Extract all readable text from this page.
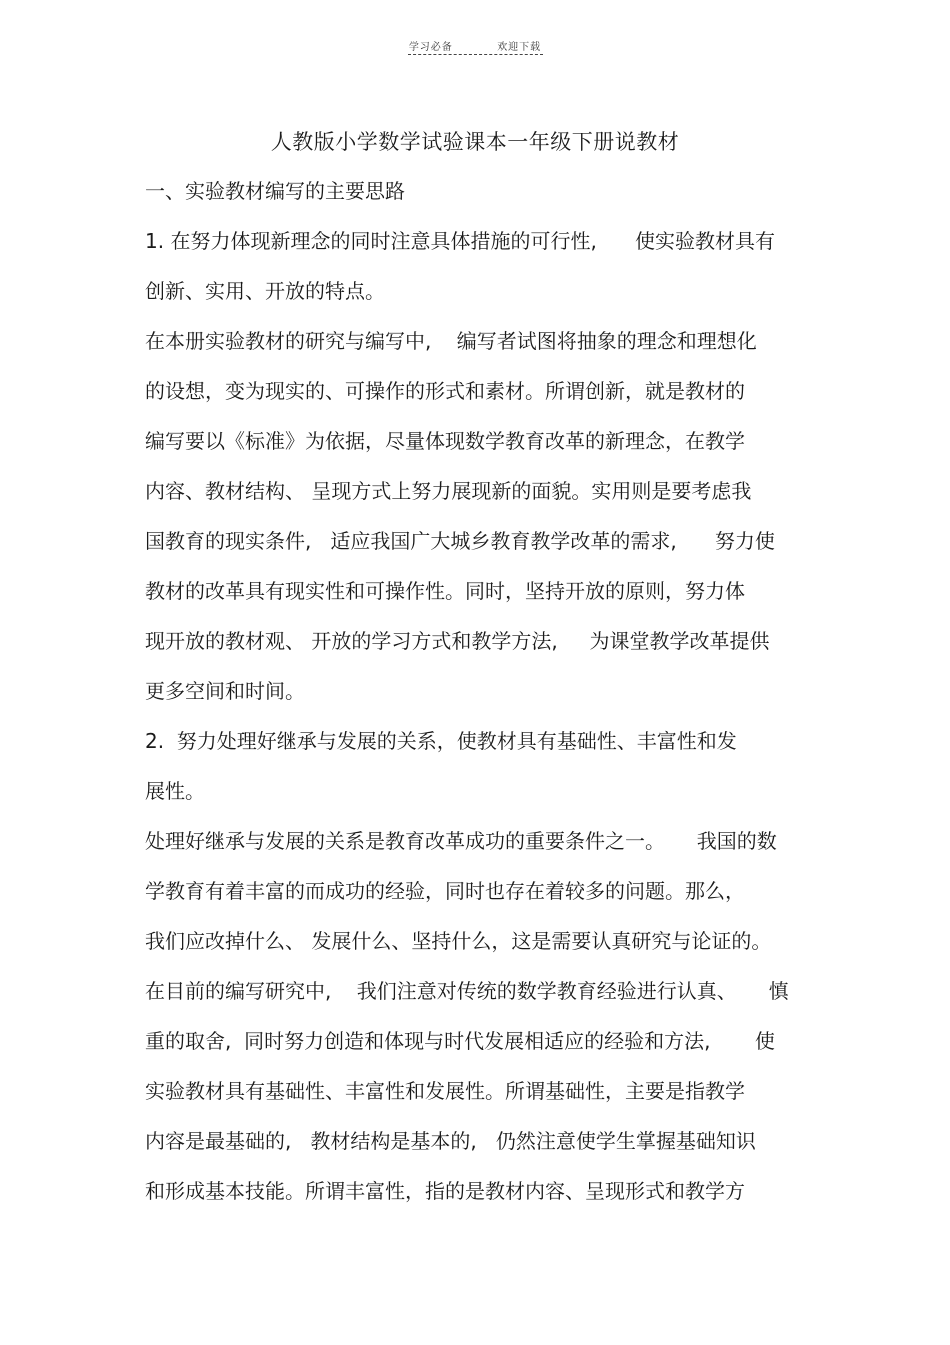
学习必备	欢迎下载
人教版小学数学试验课本一年级下册说教材
一、实验教材编写的主要思路
1. 在努力体现新理念的同时注意具体措施的可行性,      使实验教材具有
创新、实用、开放的特点。
在本册实验教材的研究与编写中,    编写者试图将抽象的理念和理想化
的设想，变为现实的、可操作的形式和素材。所谓创新，就是教材的
编写要以《标准》为依据，尽量体现数学教育改革的新理念，在教学
内容、教材结构、 呈现方式上努力展现新的面貌。实用则是要考虑我
国教育的现实条件,   适应我国广大城乡教育教学改革的需求,      努力使
教材的改革具有现实性和可操作性。同时，坚持开放的原则，努力体
现开放的教材观、 开放的学习方式和教学方法,     为课堂教学改革提供
更多空间和时间。
2.  努力处理好继承与发展的关系，使教材具有基础性、丰富性和发
展性。
处理好继承与发展的关系是教育改革成功的重要条件之一。     我国的数
学教育有着丰富的而成功的经验，同时也存在着较多的问题。那么，
我们应改掉什么、 发展什么、坚持什么，这是需要认真研究与论证的。
在目前的编写研究中,    我们注意对传统的数学教育经验进行认真、     慎
重的取舍,  同时努力创造和体现与时代发展相适应的经验和方法,       使
实验教材具有基础性、丰富性和发展性。所谓基础性，主要是指教学
内容是最基础的,   教材结构是基本的,   仍然注意使学生掌握基础知识
和形成基本技能。所谓丰富性，指的是教材内容、呈现形式和教学方
